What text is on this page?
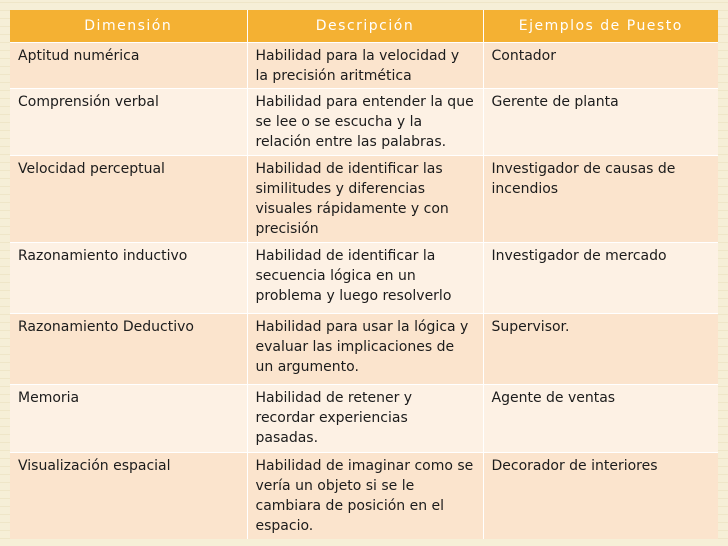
Dimensión	Descripción	Ejemplos de Puesto
Aptitud numérica	Habilidad para la velocidad y la precisión aritmética	Contador
Comprensión verbal	Habilidad para entender la que se lee o se escucha y la relación entre las palabras.	Gerente de planta
Velocidad perceptual	Habilidad de identificar las similitudes y diferencias visuales rápidamente y con precisión	Investigador de causas de incendios
Razonamiento inductivo	Habilidad de identificar la secuencia lógica en un problema y luego resolverlo	Investigador de mercado
Razonamiento Deductivo	Habilidad para usar la lógica y evaluar las implicaciones de un argumento.	Supervisor.
Memoria	Habilidad de retener y recordar experiencias pasadas.	Agente de ventas
Visualización espacial	Habilidad de imaginar como se vería un objeto si se le cambiara de posición en el espacio.	Decorador de interiores
